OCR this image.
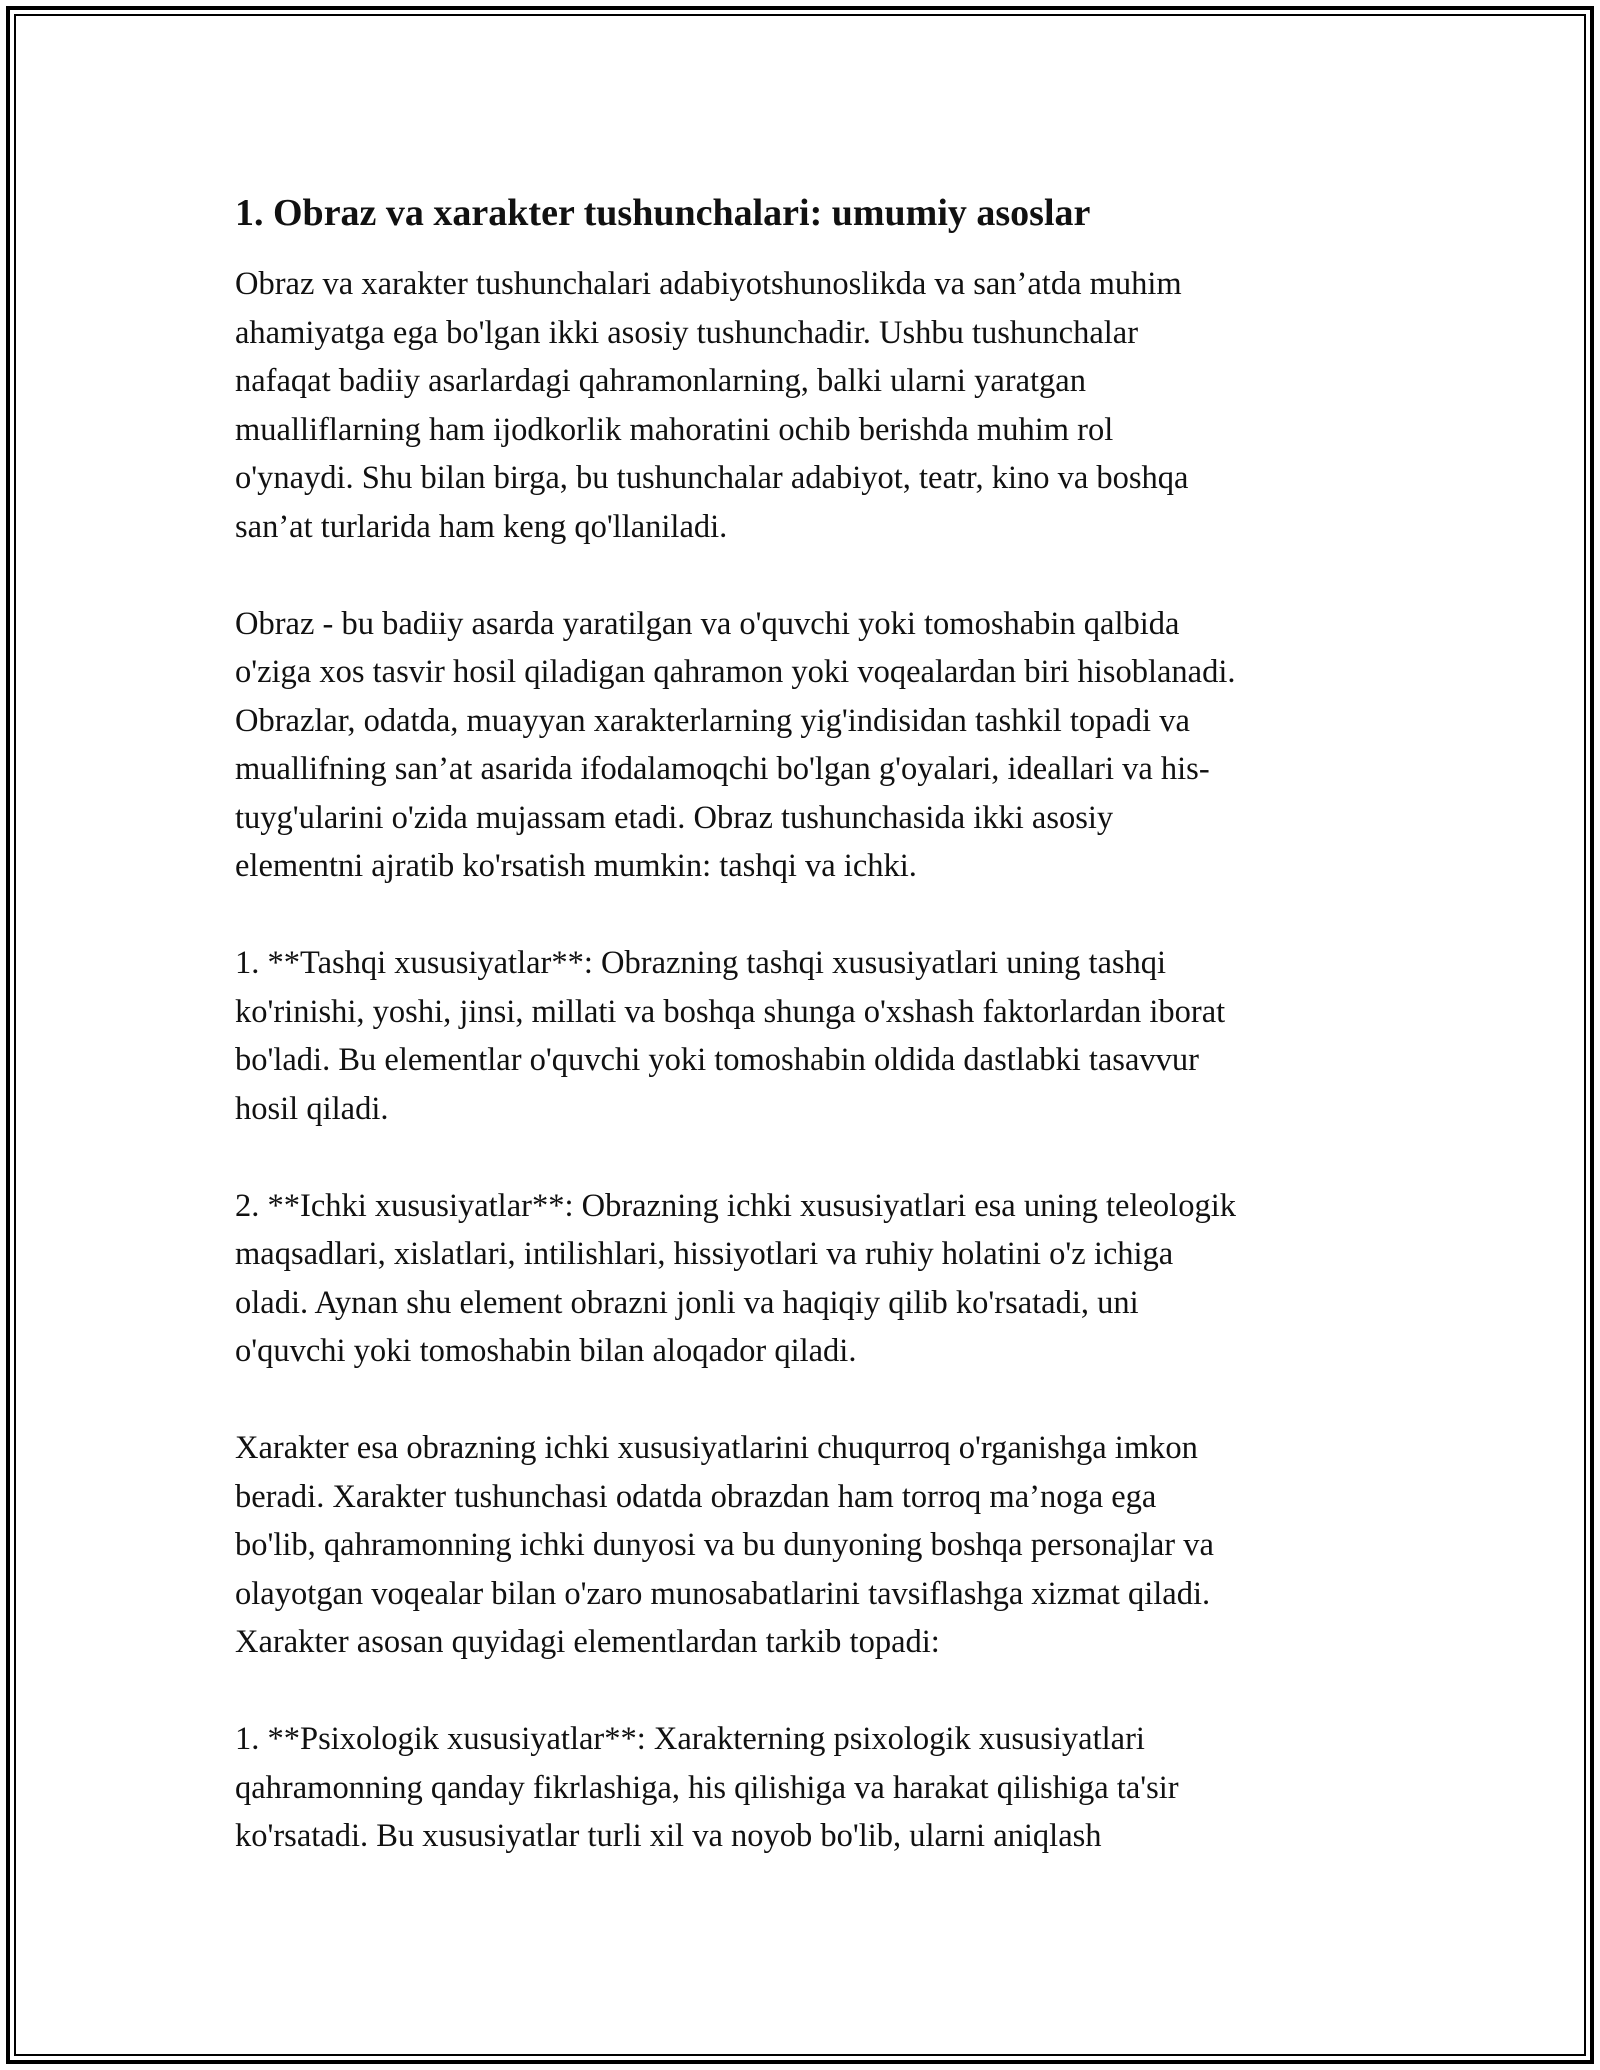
1. Obraz va xarakter tushunchalari: umumiy asoslar

Obraz va xarakter tushunchalari adabiyotshunoslikda va san’atda muhim
ahamiyatga ega bo'lgan ikki asosiy tushunchadir. Ushbu tushunchalar
nafaqat badiiy asarlardagi qahramonlarning, balki ularni yaratgan
mualliflarning ham ijodkorlik mahoratini ochib berishda muhim rol
o'ynaydi. Shu bilan birga, bu tushunchalar adabiyot, teatr, kino va boshqa
san’at turlarida ham keng qo'llaniladi.

Obraz - bu badiiy asarda yaratilgan va o'quvchi yoki tomoshabin qalbida
o'ziga xos tasvir hosil qiladigan qahramon yoki voqealardan biri hisoblanadi.
Obrazlar, odatda, muayyan xarakterlarning yig'indisidan tashkil topadi va
muallifning san’at asarida ifodalamoqchi bo'lgan g'oyalari, ideallari va his-
tuyg'ularini o'zida mujassam etadi. Obraz tushunchasida ikki asosiy
elementni ajratib ko'rsatish mumkin: tashqi va ichki.

1. **Tashqi xususiyatlar**: Obrazning tashqi xususiyatlari uning tashqi
ko'rinishi, yoshi, jinsi, millati va boshqa shunga o'xshash faktorlardan iborat
bo'ladi. Bu elementlar o'quvchi yoki tomoshabin oldida dastlabki tasavvur
hosil qiladi.

2. **Ichki xususiyatlar**: Obrazning ichki xususiyatlari esa uning teleologik
maqsadlari, xislatlari, intilishlari, hissiyotlari va ruhiy holatini o'z ichiga
oladi. Aynan shu element obrazni jonli va haqiqiy qilib ko'rsatadi, uni
o'quvchi yoki tomoshabin bilan aloqador qiladi.

Xarakter esa obrazning ichki xususiyatlarini chuqurroq o'rganishga imkon
beradi. Xarakter tushunchasi odatda obrazdan ham torroq ma’noga ega
bo'lib, qahramonning ichki dunyosi va bu dunyoning boshqa personajlar va
olayotgan voqealar bilan o'zaro munosabatlarini tavsiflashga xizmat qiladi.
Xarakter asosan quyidagi elementlardan tarkib topadi:

1. **Psixologik xususiyatlar**: Xarakterning psixologik xususiyatlari
qahramonning qanday fikrlashiga, his qilishiga va harakat qilishiga ta'sir
ko'rsatadi. Bu xususiyatlar turli xil va noyob bo'lib, ularni aniqlash
